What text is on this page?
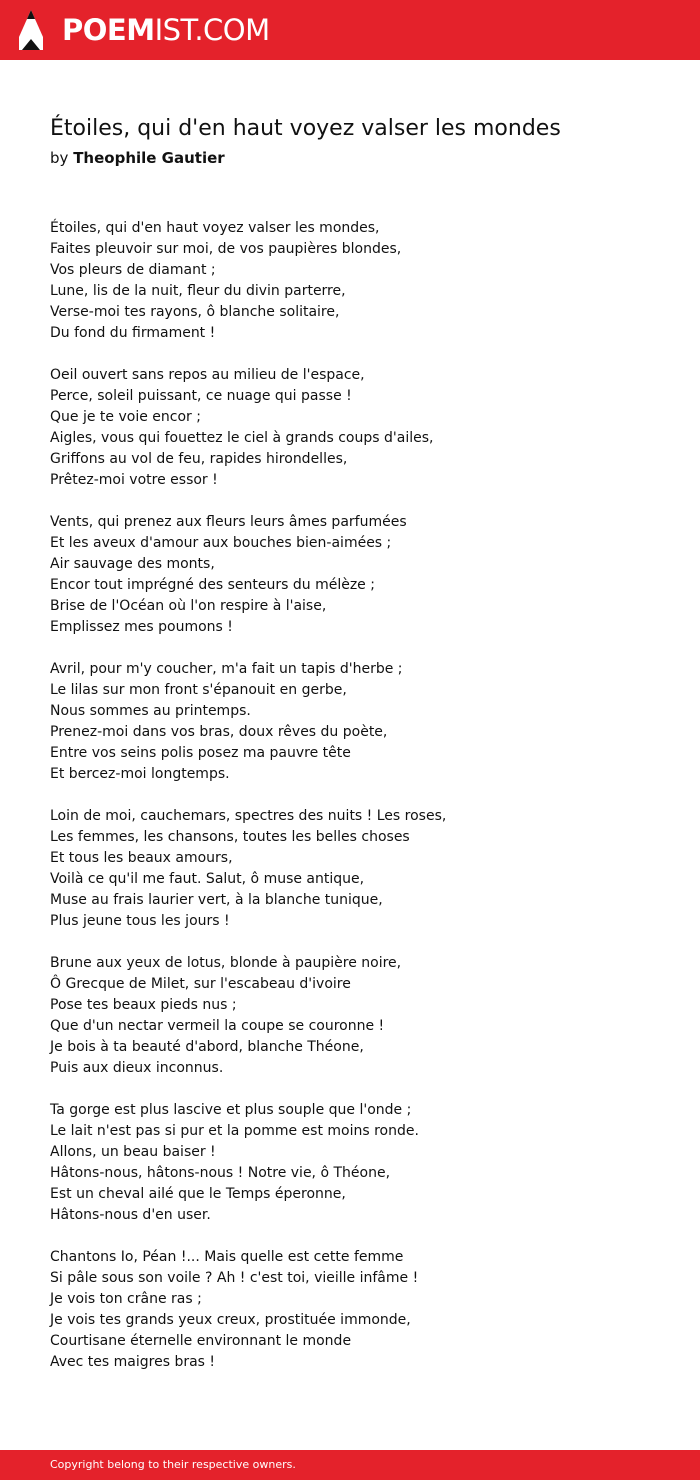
POEMIST.COM
Étoiles, qui d'en haut voyez valser les mondes
by Theophile Gautier
Étoiles, qui d'en haut voyez valser les mondes,
Faites pleuvoir sur moi, de vos paupières blondes,
Vos pleurs de diamant ;
Lune, lis de la nuit, fleur du divin parterre,
Verse-moi tes rayons, ô blanche solitaire,
Du fond du firmament !
Oeil ouvert sans repos au milieu de l'espace,
Perce, soleil puissant, ce nuage qui passe !
Que je te voie encor ;
Aigles, vous qui fouettez le ciel à grands coups d'ailes,
Griffons au vol de feu, rapides hirondelles,
Prêtez-moi votre essor !
Vents, qui prenez aux fleurs leurs âmes parfumées
Et les aveux d'amour aux bouches bien-aimées ;
Air sauvage des monts,
Encor tout imprégné des senteurs du mélèze ;
Brise de l'Océan où l'on respire à l'aise,
Emplissez mes poumons !
Avril, pour m'y coucher, m'a fait un tapis d'herbe ;
Le lilas sur mon front s'épanouit en gerbe,
Nous sommes au printemps.
Prenez-moi dans vos bras, doux rêves du poète,
Entre vos seins polis posez ma pauvre tête
Et bercez-moi longtemps.
Loin de moi, cauchemars, spectres des nuits ! Les roses,
Les femmes, les chansons, toutes les belles choses
Et tous les beaux amours,
Voilà ce qu'il me faut. Salut, ô muse antique,
Muse au frais laurier vert, à la blanche tunique,
Plus jeune tous les jours !
Brune aux yeux de lotus, blonde à paupière noire,
Ô Grecque de Milet, sur l'escabeau d'ivoire
Pose tes beaux pieds nus ;
Que d'un nectar vermeil la coupe se couronne !
Je bois à ta beauté d'abord, blanche Théone,
Puis aux dieux inconnus.
Ta gorge est plus lascive et plus souple que l'onde ;
Le lait n'est pas si pur et la pomme est moins ronde.
Allons, un beau baiser !
Hâtons-nous, hâtons-nous ! Notre vie, ô Théone,
Est un cheval ailé que le Temps éperonne,
Hâtons-nous d'en user.
Chantons Io, Péan !... Mais quelle est cette femme
Si pâle sous son voile ? Ah ! c'est toi, vieille infâme !
Je vois ton crâne ras ;
Je vois tes grands yeux creux, prostituée immonde,
Courtisane éternelle environnant le monde
Avec tes maigres bras !
Copyright belong to their respective owners.
